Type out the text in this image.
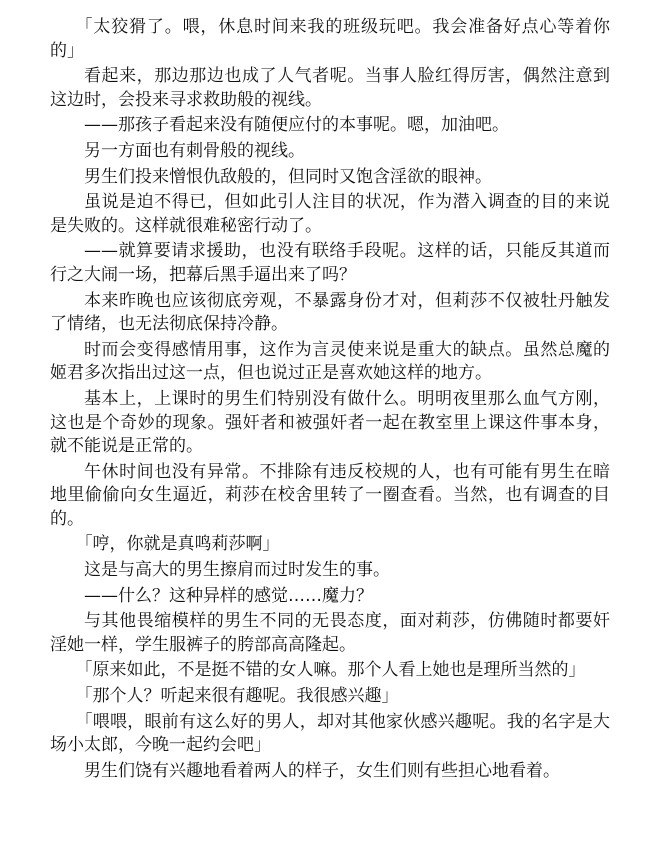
「太狡猾了。喂，休息时间来我的班级玩吧。我会准备好点心等着你的」

看起来，那边那边也成了人气者呢。当事人脸红得厉害，偶然注意到这边时，会投来寻求救助般的视线。

——那孩子看起来没有随便应付的本事呢。嗯，加油吧。

另一方面也有刺骨般的视线。

男生们投来憎恨仇敌般的，但同时又饱含淫欲的眼神。

虽说是迫不得已，但如此引人注目的状况，作为潜入调查的目的来说是失败的。这样就很难秘密行动了。

——就算要请求援助，也没有联络手段呢。这样的话，只能反其道而行之大闹一场，把幕后黑手逼出来了吗？

本来昨晚也应该彻底旁观，不暴露身份才对，但莉莎不仅被牡丹触发了情绪，也无法彻底保持冷静。

时而会变得感情用事，这作为言灵使来说是重大的缺点。虽然总魔的姬君多次指出过这一点，但也说过正是喜欢她这样的地方。

基本上，上课时的男生们特别没有做什么。明明夜里那么血气方刚，这也是个奇妙的现象。强奸者和被强奸者一起在教室里上课这件事本身，就不能说是正常的。

午休时间也没有异常。不排除有违反校规的人，也有可能有男生在暗地里偷偷向女生逼近，莉莎在校舍里转了一圈查看。当然，也有调查的目的。

「哼，你就是真鸣莉莎啊」

这是与高大的男生擦肩而过时发生的事。

——什么？这种异样的感觉……魔力？

与其他畏缩模样的男生不同的无畏态度，面对莉莎，仿佛随时都要奸淫她一样，学生服裤子的胯部高高隆起。

「原来如此，不是挺不错的女人嘛。那个人看上她也是理所当然的」

「那个人？听起来很有趣呢。我很感兴趣」

「喂喂，眼前有这么好的男人，却对其他家伙感兴趣呢。我的名字是大场小太郎，今晚一起约会吧」

男生们饶有兴趣地看着两人的样子，女生们则有些担心地看着。
